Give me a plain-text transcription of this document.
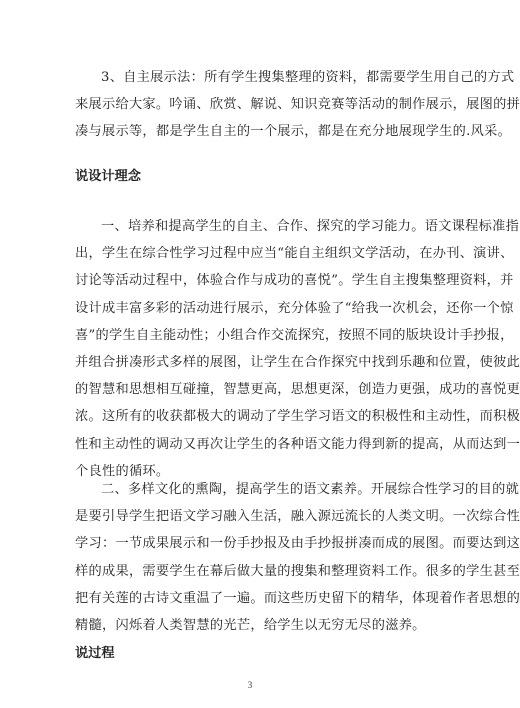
3、自主展示法：所有学生搜集整理的资料，都需要学生用自己的方式
来展示给大家。吟诵、欣赏、解说、知识竞赛等活动的制作展示，展图的拼
凑与展示等，都是学生自主的一个展示，都是在充分地展现学生的.风采。
说设计理念
一、培养和提高学生的自主、合作、探究的学习能力。语文课程标准指
出，学生在综合性学习过程中应当“能自主组织文学活动，在办刊、演讲、
讨论等活动过程中，体验合作与成功的喜悦”。学生自主搜集整理资料，并
设计成丰富多彩的活动进行展示，充分体验了“给我一次机会，还你一个惊
喜”的学生自主能动性；小组合作交流探究，按照不同的版块设计手抄报，
并组合拼凑形式多样的展图，让学生在合作探究中找到乐趣和位置，使彼此
的智慧和思想相互碰撞，智慧更高，思想更深，创造力更强，成功的喜悦更
浓。这所有的收获都极大的调动了学生学习语文的积极性和主动性，而积极
性和主动性的调动又再次让学生的各种语文能力得到新的提高，从而达到一
个良性的循环。
二、多样文化的熏陶，提高学生的语文素养。开展综合性学习的目的就
是要引导学生把语文学习融入生活，融入源远流长的人类文明。一次综合性
学习：一节成果展示和一份手抄报及由手抄报拼凑而成的展图。而要达到这
样的成果，需要学生在幕后做大量的搜集和整理资料工作。很多的学生甚至
把有关莲的古诗文重温了一遍。而这些历史留下的精华，体现着作者思想的
精髓，闪烁着人类智慧的光芒，给学生以无穷无尽的滋养。
说过程
3
